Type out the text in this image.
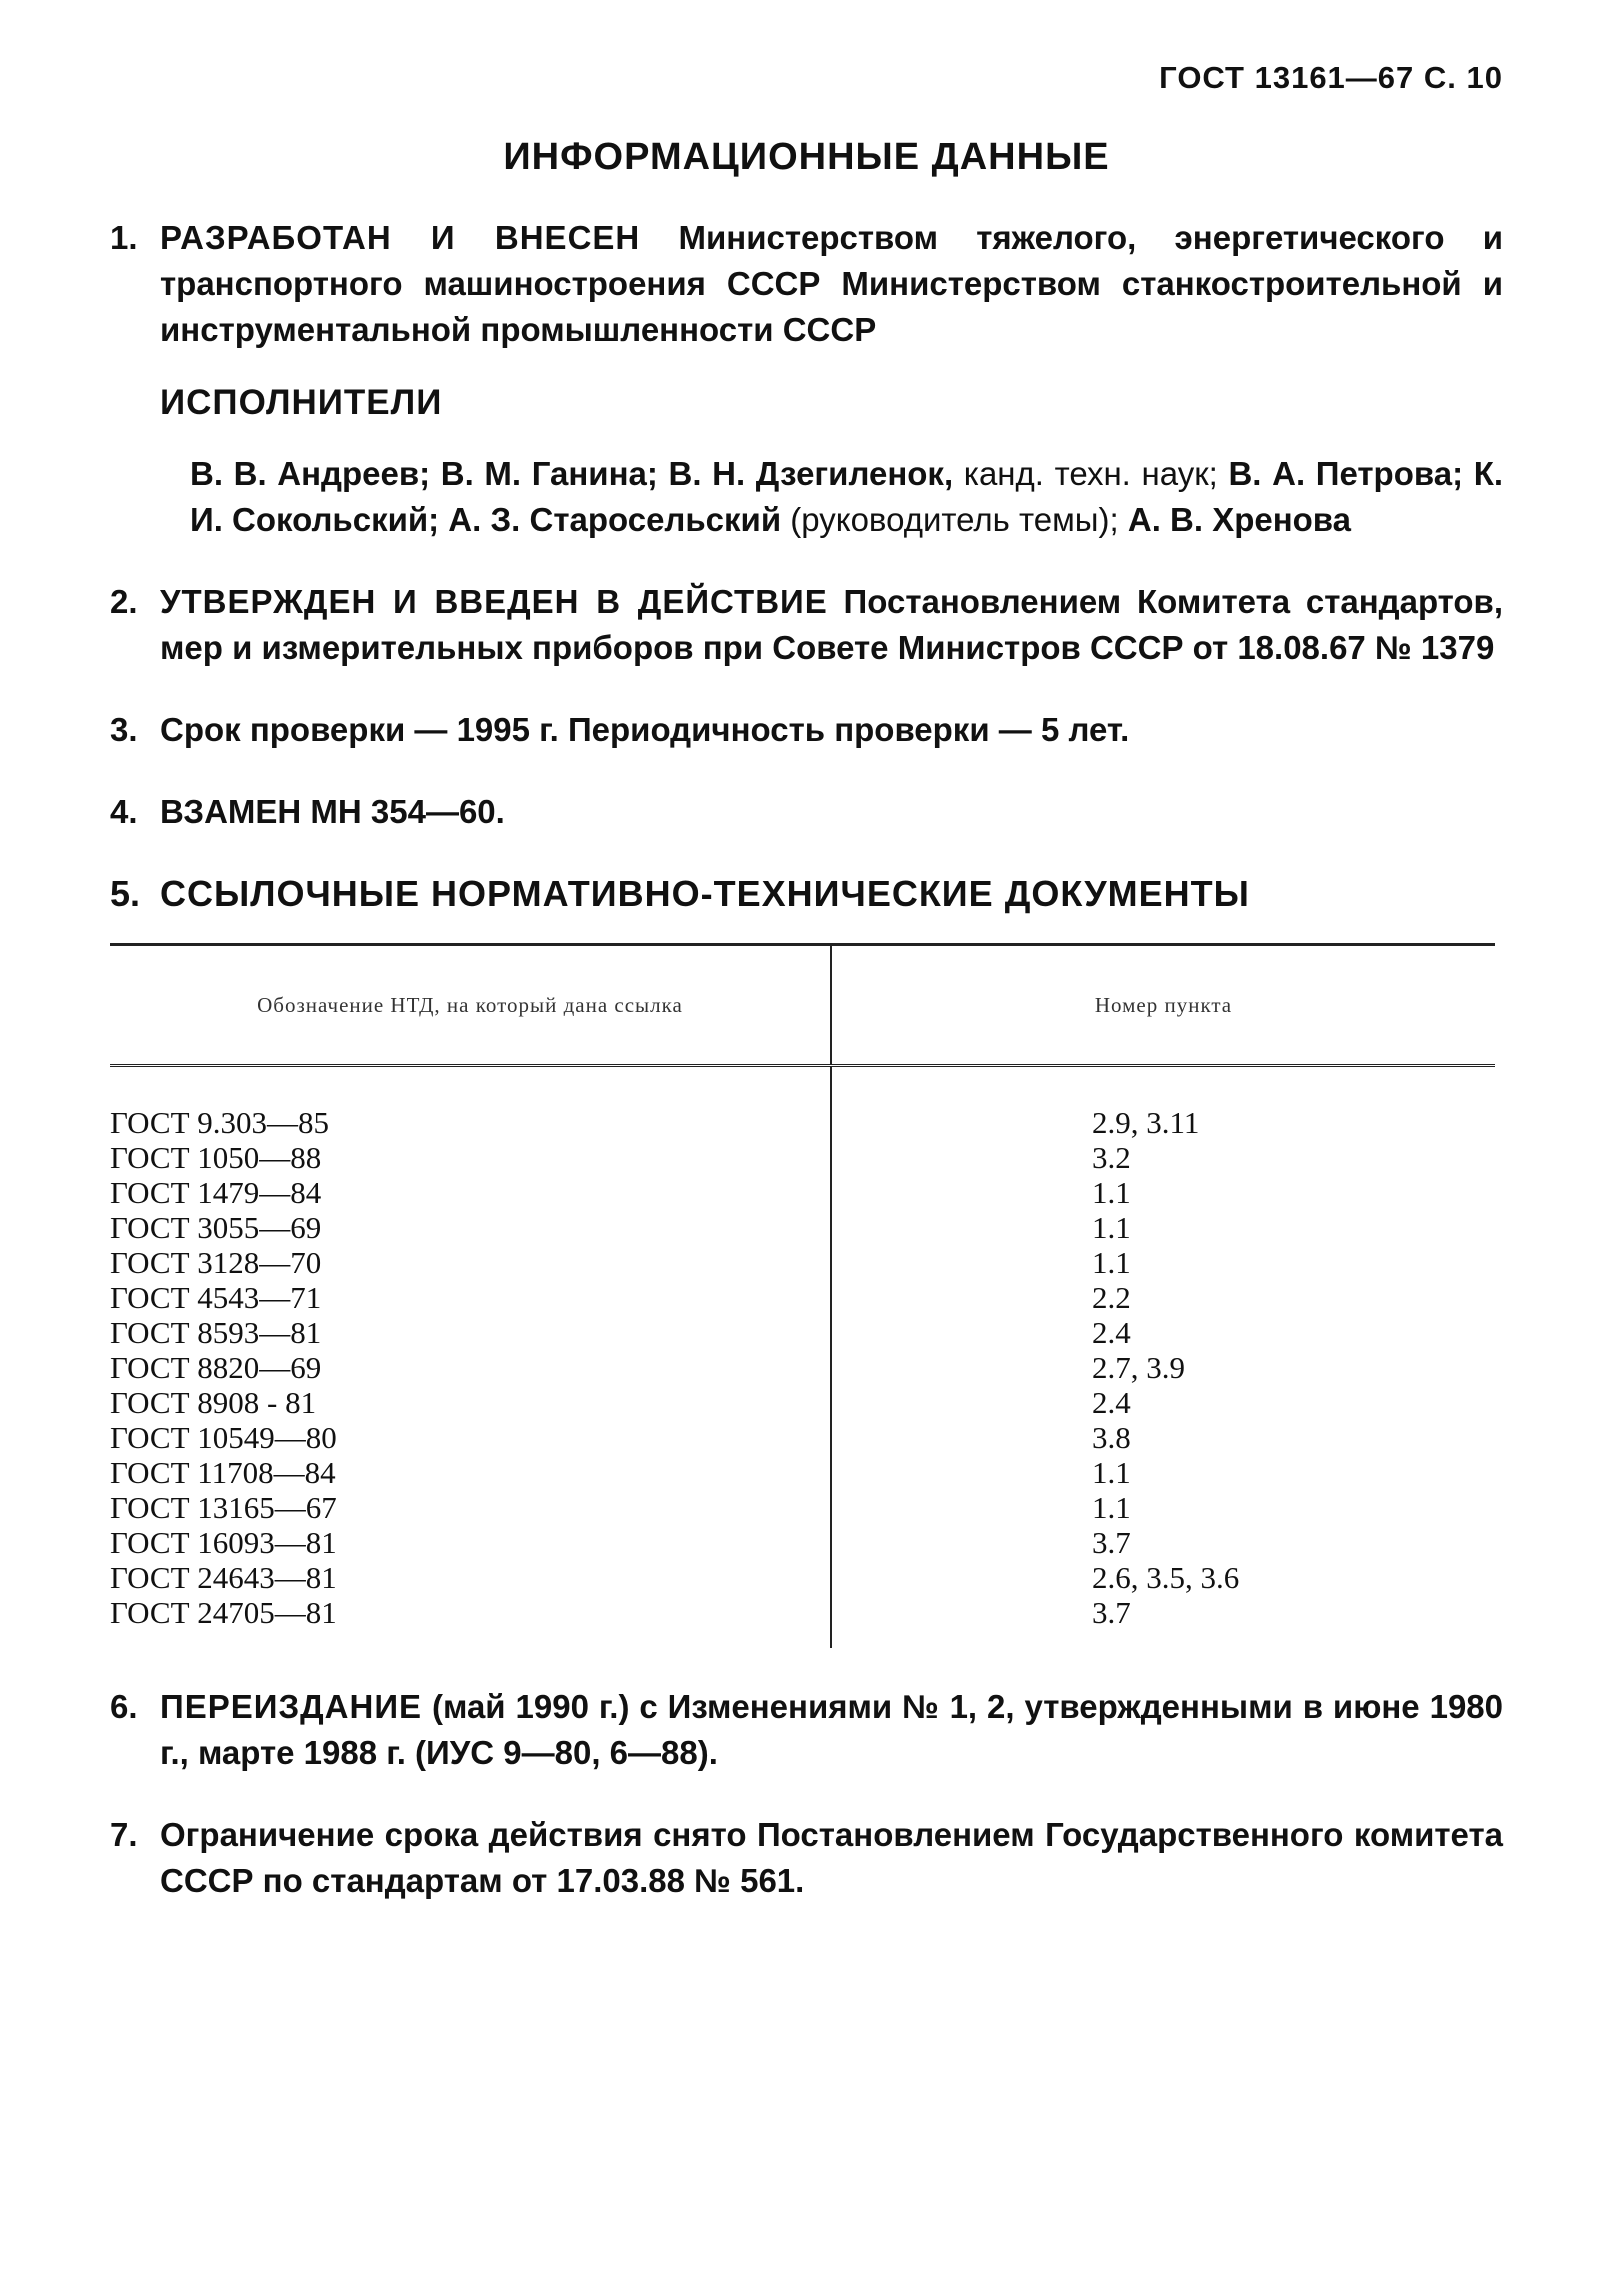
ГОСТ 13161—67 С. 10
ИНФОРМАЦИОННЫЕ ДАННЫЕ
1. РАЗРАБОТАН И ВНЕСЕН Министерством тяжелого, энергетического и транспортного машиностроения СССР Министерством станкостроительной и инструментальной промышленности СССР
ИСПОЛНИТЕЛИ
В. В. Андреев; В. М. Ганина; В. Н. Дзегиленок, канд. техн. наук; В. А. Петрова; К. И. Сокольский; А. З. Старосельский (руководитель темы); А. В. Хренова
2. УТВЕРЖДЕН И ВВЕДЕН В ДЕЙСТВИЕ Постановлением Комитета стандартов, мер и измерительных приборов при Совете Министров СССР от 18.08.67 № 1379
3. Срок проверки — 1995 г. Периодичность проверки — 5 лет.
4. ВЗАМЕН МН 354—60.
5. ССЫЛОЧНЫЕ НОРМАТИВНО-ТЕХНИЧЕСКИЕ ДОКУМЕНТЫ
Обозначение НТД, на который дана ссылка	Номер пункта
ГОСТ 9.303—85	2.9, 3.11
ГОСТ 1050—88	3.2
ГОСТ 1479—84	1.1
ГОСТ 3055—69	1.1
ГОСТ 3128—70	1.1
ГОСТ 4543—71	2.2
ГОСТ 8593—81	2.4
ГОСТ 8820—69	2.7, 3.9
ГОСТ 8908 - 81	2.4
ГОСТ 10549—80	3.8
ГОСТ 11708—84	1.1
ГОСТ 13165—67	1.1
ГОСТ 16093—81	3.7
ГОСТ 24643—81	2.6, 3.5, 3.6
ГОСТ 24705—81	3.7
6. ПЕРЕИЗДАНИЕ (май 1990 г.) с Изменениями № 1, 2, утвержденными в июне 1980 г., марте 1988 г. (ИУС 9—80, 6—88).
7. Ограничение срока действия снято Постановлением Государственного комитета СССР по стандартам от 17.03.88 № 561.
